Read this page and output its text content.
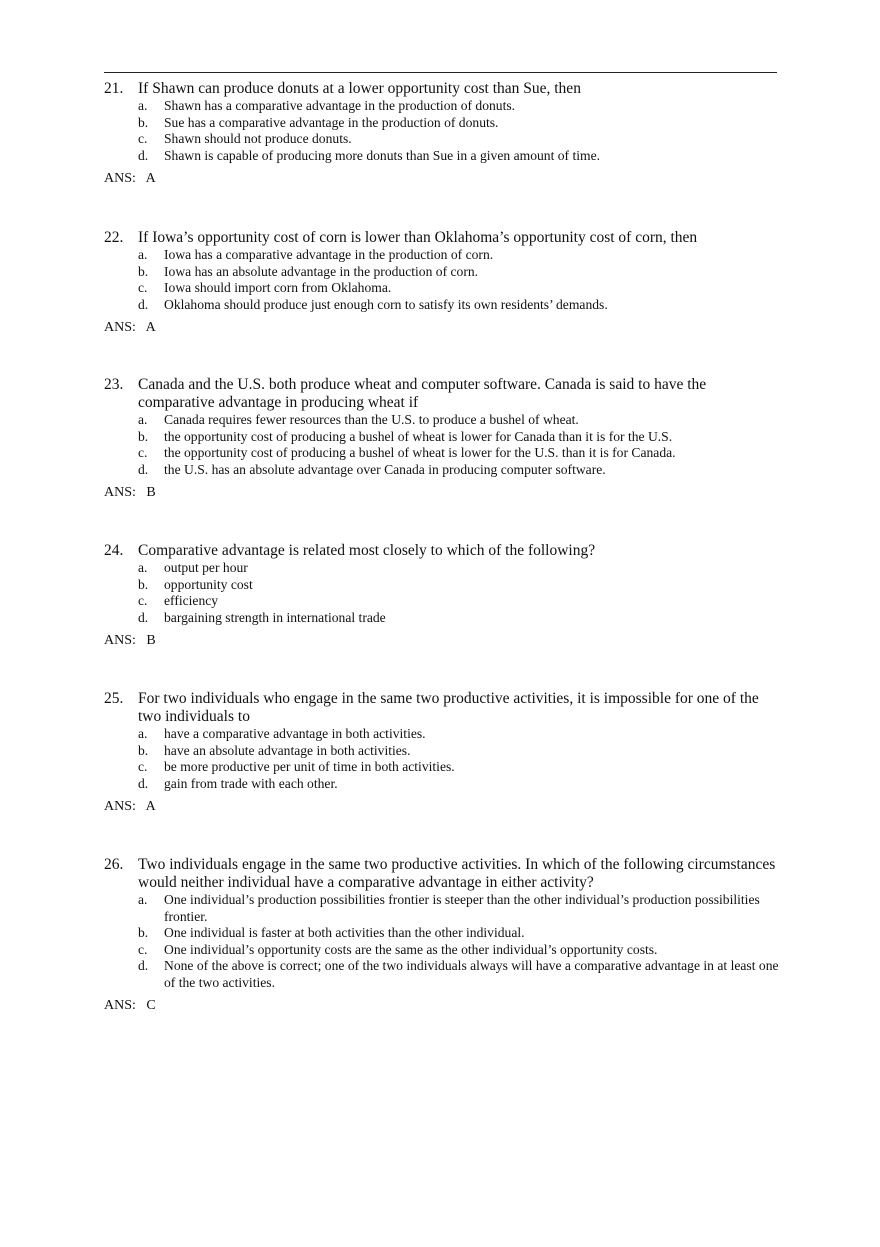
21. If Shawn can produce donuts at a lower opportunity cost than Sue, then
a. Shawn has a comparative advantage in the production of donuts.
b. Sue has a comparative advantage in the production of donuts.
c. Shawn should not produce donuts.
d. Shawn is capable of producing more donuts than Sue in a given amount of time.
ANS:   A
22. If Iowa’s opportunity cost of corn is lower than Oklahoma’s opportunity cost of corn, then
a. Iowa has a comparative advantage in the production of corn.
b. Iowa has an absolute advantage in the production of corn.
c. Iowa should import corn from Oklahoma.
d. Oklahoma should produce just enough corn to satisfy its own residents’ demands.
ANS:   A
23. Canada and the U.S. both produce wheat and computer software. Canada is said to have the comparative advantage in producing wheat if
a. Canada requires fewer resources than the U.S. to produce a bushel of wheat.
b. the opportunity cost of producing a bushel of wheat is lower for Canada than it is for the U.S.
c. the opportunity cost of producing a bushel of wheat is lower for the U.S. than it is for Canada.
d. the U.S. has an absolute advantage over Canada in producing computer software.
ANS:   B
24. Comparative advantage is related most closely to which of the following?
a. output per hour
b. opportunity cost
c. efficiency
d. bargaining strength in international trade
ANS:   B
25. For two individuals who engage in the same two productive activities, it is impossible for one of the two individuals to
a. have a comparative advantage in both activities.
b. have an absolute advantage in both activities.
c. be more productive per unit of time in both activities.
d. gain from trade with each other.
ANS:   A
26. Two individuals engage in the same two productive activities. In which of the following circumstances would neither individual have a comparative advantage in either activity?
a. One individual’s production possibilities frontier is steeper than the other individual’s production possibilities frontier.
b. One individual is faster at both activities than the other individual.
c. One individual’s opportunity costs are the same as the other individual’s opportunity costs.
d. None of the above is correct; one of the two individuals always will have a comparative advantage in at least one of the two activities.
ANS:   C
